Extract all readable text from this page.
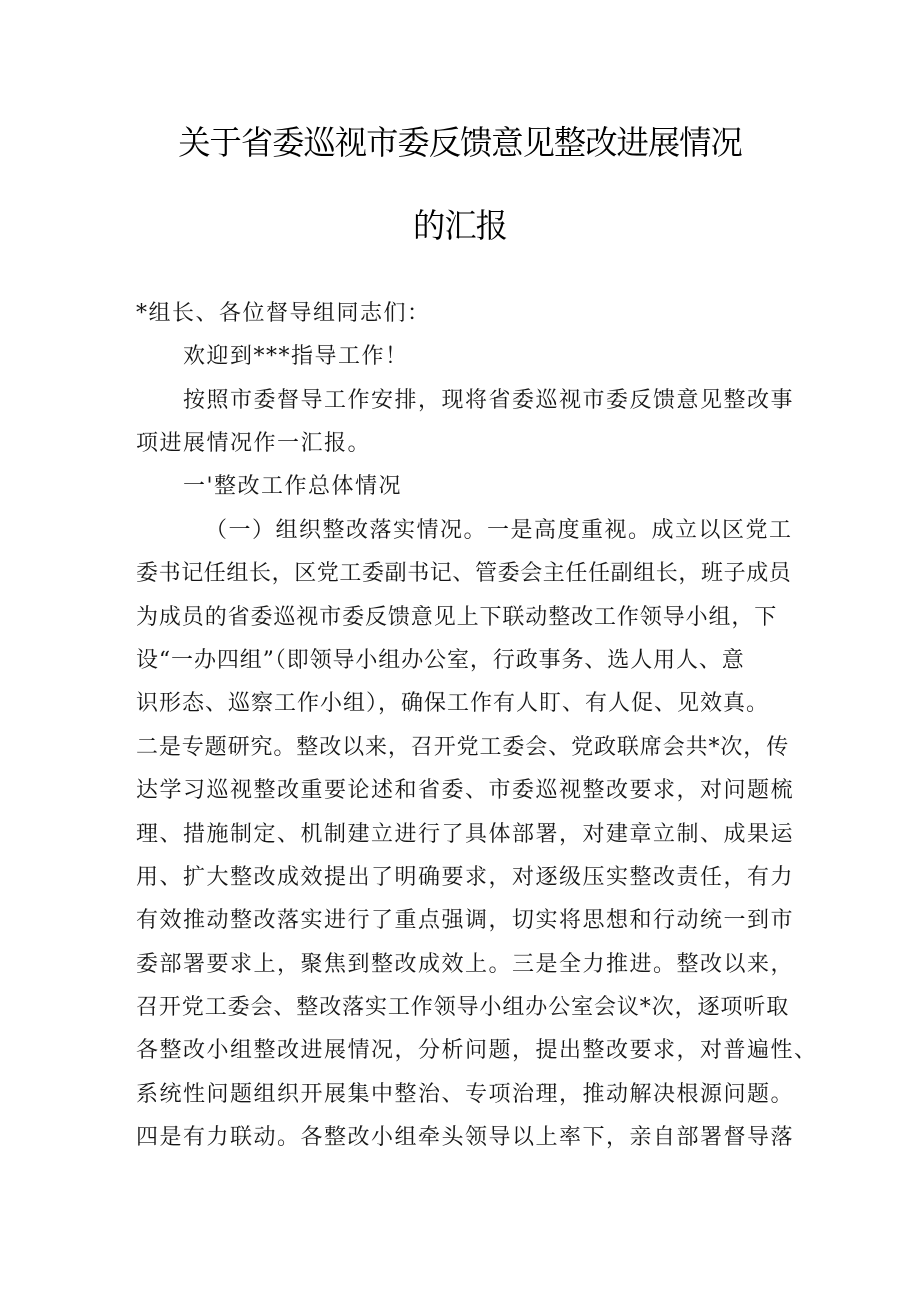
关于省委巡视市委反馈意见整改进展情况
的汇报
*组长、各位督导组同志们：
欢迎到***指导工作！
按照市委督导工作安排，现将省委巡视市委反馈意见整改事
项进展情况作一汇报。
一'整改工作总体情况
（一）组织整改落实情况。一是高度重视。成立以区党工
委书记任组长，区党工委副书记、管委会主任任副组长，班子成员
为成员的省委巡视市委反馈意见上下联动整改工作领导小组，下
设“一办四组”（即领导小组办公室，行政事务、选人用人、意
识形态、巡察工作小组），确保工作有人盯、有人促、见效真。
二是专题研究。整改以来，召开党工委会、党政联席会共*次，传
达学习巡视整改重要论述和省委、市委巡视整改要求，对问题梳
理、措施制定、机制建立进行了具体部署，对建章立制、成果运
用、扩大整改成效提出了明确要求，对逐级压实整改责任，有力
有效推动整改落实进行了重点强调，切实将思想和行动统一到市
委部署要求上，聚焦到整改成效上。三是全力推进。整改以来，
召开党工委会、整改落实工作领导小组办公室会议*次，逐项听取
各整改小组整改进展情况，分析问题，提出整改要求，对普遍性、
系统性问题组织开展集中整治、专项治理，推动解决根源问题。
四是有力联动。各整改小组牵头领导以上率下，亲自部署督导落
